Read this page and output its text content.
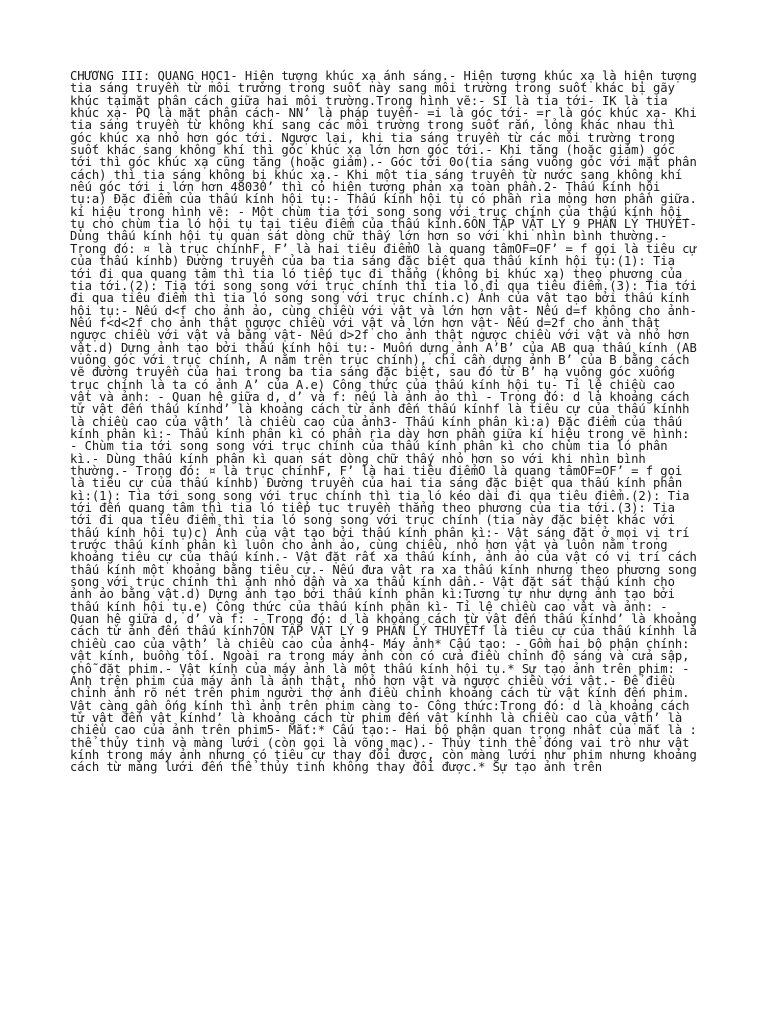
CHƯƠNG III: QUANG HỌC1- Hiện tượng khúc xạ ánh sáng.- Hiện tượng khúc xạ là hiện tượng tia sáng truyền từ môi trường trong suốt này sang môi trường trong suốt khác bị gãy khúc tạimặt phân cách giữa hai môi trường.Trong hình vẽ:- SI là tia tới- IK là tia khúc xạ- PQ là mặt phân cách- NN’ là pháp tuyến- =i là góc tới- =r là góc khúc xạ- Khi tia sáng truyền từ không khí sang các môi trường trong suốt rắn, lỏng khác nhau thì góc khúc xạ nhỏ hơn góc tới. Ngược lại, khi tia sáng truyền từ các môi trường trong suốt khác sang không khí thì góc khúc xạ lớn hơn góc tới.- Khi tăng (hoặc giảm) góc tới thì góc khúc xạ cũng tăng (hoặc giảm).- Góc tới 0o(tia sáng vuông góc với mặt phân cách) thì tia sáng không bị khúc xạ.- Khi một tia sáng truyền từ nước sang không khí nếu góc tới i lớn hơn 48030’ thì có hiện tượng phản xạ toàn phần.2- Thấu kính hội tụ:a) Đặc điểm của thấu kính hội tụ:- Thấu kính hội tụ có phần rìa mỏng hơn phần giữa. kí hiệu trong hình vẽ: - Một chùm tia tới song song với trục chính của thấu kính hội tụ cho chùm tia ló hội tụ tại tiêu điểm của thấu kính.6ÔN TẬP VẬT LÝ 9 PHẦN LÝ THUYẾT- Dùng thấu kính hội tụ quan sát dòng chữ thấy lớn hơn so với khi nhìn bình thường.- Trong đó: ¤ là trục chínhF, F’ là hai tiêu điểmO là quang tâmOF=OF’ = f gọi là tiêu cự của thấu kínhb) Đường truyền của ba tia sáng đặc biệt qua thấu kính hội tụ:(1): Tia tới đi qua quang tâm thì tia ló tiếp tục đi thẳng (không bị khúc xạ) theo phương của tia tới.(2): Tia tới song song với trục chính thì tia ló đi qua tiêu điểm.(3): Tia tới đi qua tiêu điểm thì tia ló song song với trục chính.c) Ảnh của vật tạo bởi thấu kính hội tụ:- Nếu d<f cho ảnh ảo, cùng chiều với vật và lớn hơn vật- Nếu d=f không cho ảnh- Nếu f<d<2f cho ảnh thật ngược chiều với vật và lớn hơn vật- Nếu d=2f cho ảnh thật ngược chiều với vật và bằng vật- Nếu d>2f cho ảnh thật ngược chiều với vật và nhỏ hơn vật.d) Dựng ảnh tạo bởi thấu kính hội tụ:- Muốn dựng ảnh A’B’ của AB qua thấu kính (AB vuông góc với trục chính, A nằm trên trục chính), chỉ cần dựng ảnh B’ của B bằng cách vẽ đường truyền của hai trong ba tia sáng đặc biệt, sau đó từ B’ hạ vuông góc xuống trục chính là ta có ảnh A’ của A.e) Công thức của thấu kính hội tụ- Tỉ lệ chiều cao vật và ảnh: - Quan hệ giữa d, d’ và f: nếu là ảnh ảo thì - Trong đó: d là khoảng cách từ vật đến thấu kínhd’ là khoảng cách từ ảnh đến thấu kínhf là tiêu cự của thấu kínhh là chiều cao của vậth’ là chiều cao của ảnh3- Thấu kính phân kì:a) Đặc điểm của thấu kính phân kì:- Thấu kính phân kì có phần rìa dày hơn phần giữa kí hiệu trong vẽ hình: - Chùm tia tới song song với trục chính của thấu kính phân kì cho chùm tia ló phân kì.- Dùng thấu kính phân kì quan sát dòng chữ thấy nhỏ hơn so với khi nhìn bình thường.- Trong đó: ¤ là trục chínhF, F’ là hai tiêu điểmO là quang tâmOF=OF’ = f gọi là tiêu cự của thấu kínhb) Đường truyền của hai tia sáng đặc biệt qua thấu kính phân kì:(1): Tia tới song song với trục chính thì tia ló kéo dài đi qua tiêu điểm.(2): Tia tới đến quang tâm thì tia ló tiếp tục truyền thẳng theo phương của tia tới.(3): Tia tới đi qua tiêu điểm thì tia ló song song với trục chính (tia này đặc biệt khác với thấu kính hội tụ)c) Ảnh của vật tạo bởi thấu kính phân kì:- Vật sáng đặt ở mọi vị trí trước thấu kính phân kì luôn cho ảnh ảo, cùng chiều, nhỏ hơn vật và luôn nằm trong khoảng tiêu cự của thấu kính.- Vật đặt rất xa thấu kính, ảnh ảo của vật có vị trí cách thấu kính một khoảng bằng tiêu cự.- Nếu đưa vật ra xa thấu kính nhưng theo phương song song với trục chính thì ảnh nhỏ dần và xa thấu kính dần.- Vật đặt sát thấu kính cho ảnh ảo bằng vật.d) Dựng ảnh tạo bởi thấu kính phân kì:Tương tự như dựng ảnh tạo bởi thấu kính hội tụ.e) Công thức của thấu kính phân kì- Tỉ lệ chiều cao vật và ảnh: - Quan hệ giữa d, d’ và f: - Trong đó: d là khoảng cách từ vật đến thấu kínhd’ là khoảng cách từ ảnh đến thấu kính7ÔN TẬP VẬT LÝ 9 PHẦN LÝ THUYẾTf là tiêu cự của thấu kínhh là chiều cao của vậth’ là chiều cao của ảnh4- Máy ảnh* Cấu tạo: - Gồm hai bộ phận chính: vật kính, buồng tối. Ngoài ra trong máy ảnh còn có cửa điều chỉnh độ sáng và cửa sập, chỗ đặt phim.- Vật kính của máy ảnh là một thấu kính hội tụ.* Sự tạo ảnh trên phim: - Ảnh trên phim của máy ảnh là ảnh thật, nhỏ hơn vật và ngược chiều với vật.- Để điều chỉnh ảnh rõ nét trên phim người thợ ảnh điều chỉnh khoảng cách từ vật kính đến phim. Vật càng gần ống kính thì ảnh trên phim càng to- Công thức:Trong đó: d là khoảng cách từ vật đến vật kínhd’ là khoảng cách từ phim đến vật kínhh là chiều cao của vậth’ là chiều cao của ảnh trên phim5- Mắt:* Cấu tạo:- Hai bộ phận quan trọng nhất của mắt là : thể thủy tinh và màng lưới (còn gọi là võng mạc).- Thủy tinh thể đóng vai trò như vật kính trong máy ảnh nhưng có tiêu cự thay đổi được, còn màng lưới như phim nhưng khoảng cách từ màng lưới đến thể thủy tinh không thay đổi được.* Sự tạo ảnh trên
